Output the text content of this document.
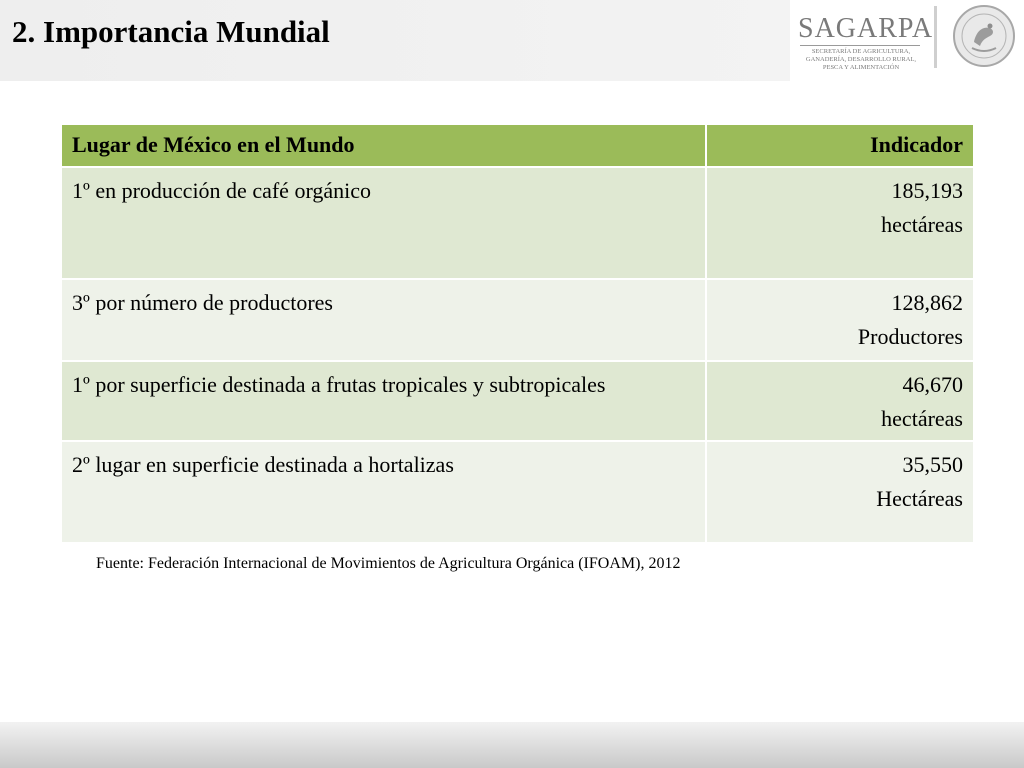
2. Importancia Mundial	SAGARPA
SECRETARÍA DE AGRICULTURA,
GANADERÍA, DESARROLLO RURAL,
PESCA Y ALIMENTACIÓN
Lugar de México en el Mundo	Indicador
1º en producción de café orgánico	185,193
hectáreas

3º por número de productores	128,862
Productores

1º por superficie destinada a frutas tropicales y subtropicales	46,670
hectáreas

2º lugar en superficie destinada a hortalizas	35,550
Hectáreas
Fuente: Federación Internacional de Movimientos de Agricultura Orgánica (IFOAM), 2012
